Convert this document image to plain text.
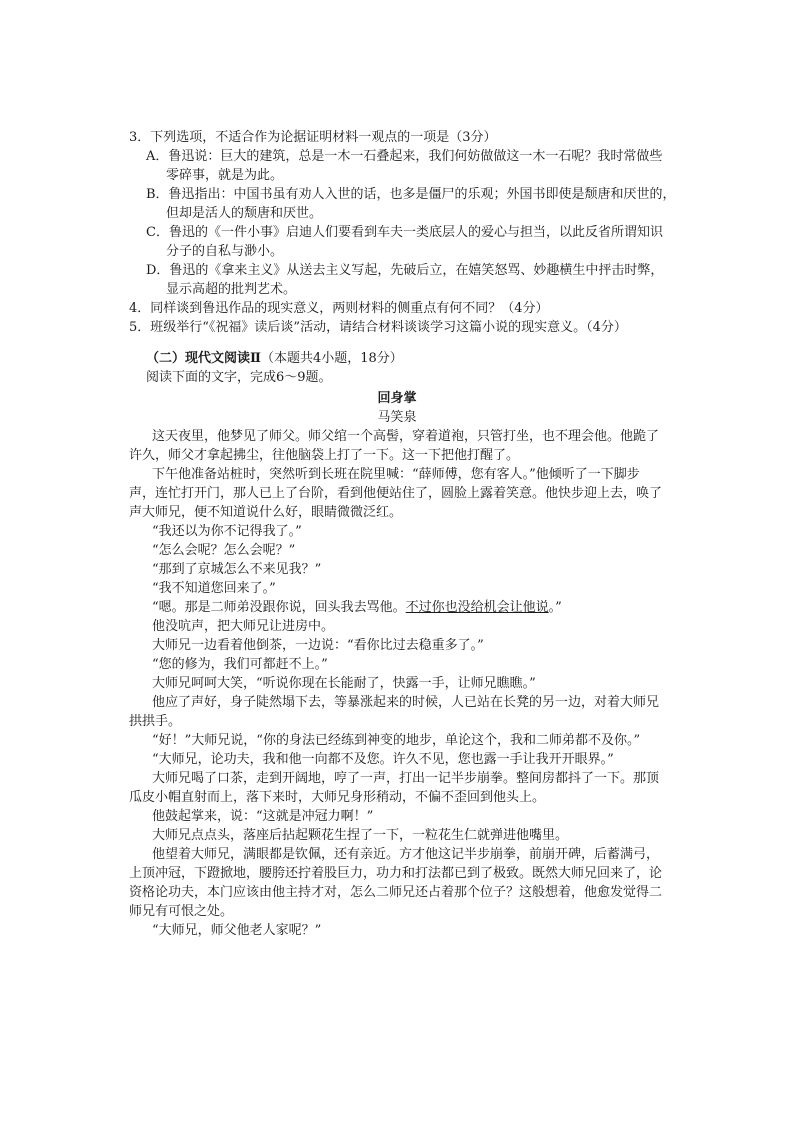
3．下列选项，不适合作为论据证明材料一观点的一项是（3分）
A．鲁迅说：巨大的建筑，总是一木一石叠起来，我们何妨做做这一木一石呢？我时常做些
零碎事，就是为此。
B．鲁迅指出：中国书虽有劝人入世的话，也多是僵尸的乐观；外国书即使是颓唐和厌世的，
但却是活人的颓唐和厌世。
C．鲁迅的《一件小事》启迪人们要看到车夫一类底层人的爱心与担当，以此反省所谓知识
分子的自私与渺小。
D．鲁迅的《拿来主义》从送去主义写起，先破后立，在嬉笑怒骂、妙趣横生中抨击时弊，
显示高超的批判艺术。
4．同样谈到鲁迅作品的现实意义，两则材料的侧重点有何不同？（4分）
5．班级举行“《祝福》读后谈”活动，请结合材料谈谈学习这篇小说的现实意义。（4分）
（二）现代文阅读Ⅱ（本题共4小题，18分）
阅读下面的文字，完成6～9题。
回身掌
马笑泉
这天夜里，他梦见了师父。师父绾一个高髻，穿着道袍，只管打坐，也不理会他。他跪了
许久，师父才拿起拂尘，往他脑袋上打了一下。这一下把他打醒了。
下午他准备站桩时，突然听到长班在院里喊：“薛师傅，您有客人。”他倾听了一下脚步
声，连忙打开门，那人已上了台阶，看到他便站住了，圆脸上露着笑意。他快步迎上去，唤了
声大师兄，便不知道说什么好，眼睛微微泛红。
“我还以为你不记得我了。”
“怎么会呢？怎么会呢？”
“那到了京城怎么不来见我？”
“我不知道您回来了。”
“嗯。那是二师弟没跟你说，回头我去骂他。不过你也没给机会让他说。”
他没吭声，把大师兄让进房中。
大师兄一边看着他倒茶，一边说：“看你比过去稳重多了。”
“您的修为，我们可都赶不上。”
大师兄呵呵大笑，“听说你现在长能耐了，快露一手，让师兄瞧瞧。”
他应了声好，身子陡然塌下去，等暴涨起来的时候，人已站在长凳的另一边，对着大师兄
拱拱手。
“好！”大师兄说，“你的身法已经练到神变的地步，单论这个，我和二师弟都不及你。”
“大师兄，论功夫，我和他一向都不及您。许久不见，您也露一手让我开开眼界。”
大师兄喝了口茶，走到开阔地，哼了一声，打出一记半步崩拳。整间房都抖了一下。那顶
瓜皮小帽直射而上，落下来时，大师兄身形稍动，不偏不歪回到他头上。
他鼓起掌来，说：“这就是冲冠力啊！”
大师兄点点头，落座后拈起颗花生捏了一下，一粒花生仁就弹进他嘴里。
他望着大师兄，满眼都是钦佩，还有亲近。方才他这记半步崩拳，前崩开碑，后蓄满弓，
上顶冲冠，下蹬掀地，腰胯还拧着股巨力，功力和打法都已到了极致。既然大师兄回来了，论
资格论功夫，本门应该由他主持才对，怎么二师兄还占着那个位子？这般想着，他愈发觉得二
师兄有可恨之处。
“大师兄，师父他老人家呢？”
